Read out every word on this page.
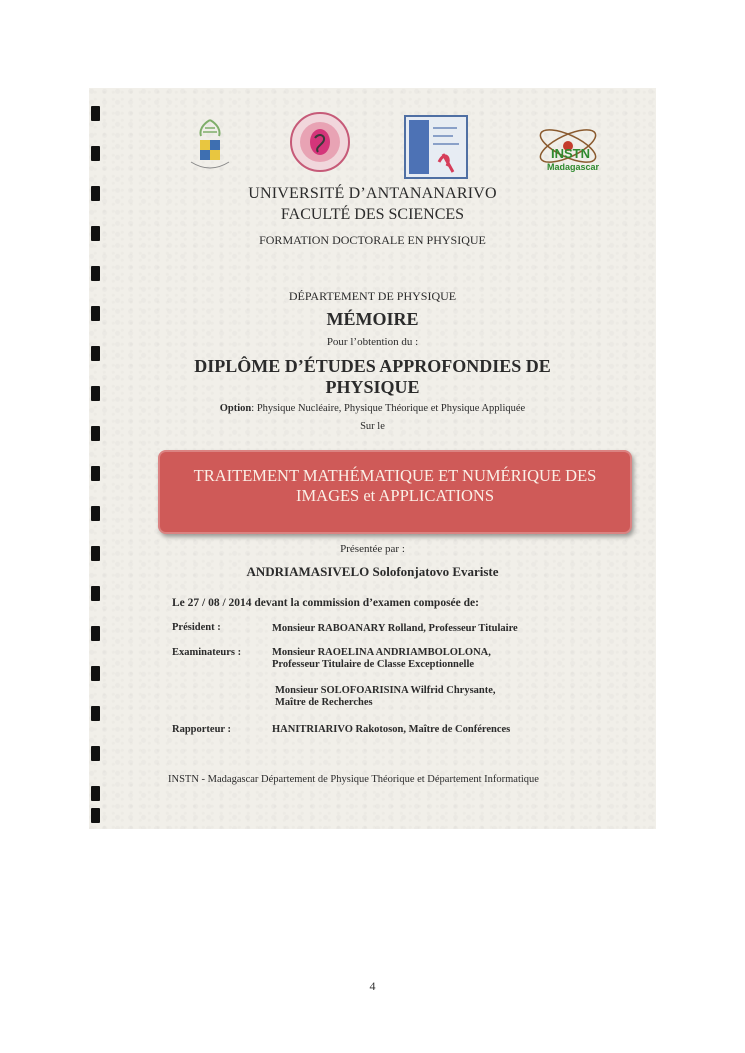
INSTN
Madagascar
UNIVERSITÉ D’ANTANANARIVO
FACULTÉ DES SCIENCES
FORMATION DOCTORALE EN PHYSIQUE
DÉPARTEMENT DE PHYSIQUE
MÉMOIRE
Pour l’obtention du :
DIPLÔME D’ÉTUDES APPROFONDIES DE
PHYSIQUE
Option: Physique Nucléaire, Physique Théorique et Physique Appliquée
Sur le
TRAITEMENT MATHÉMATIQUE ET NUMÉRIQUE DES
IMAGES et APPLICATIONS
Présentée par :
ANDRIAMASIVELO Solofonjatovo Evariste
Le 27 / 08 / 2014 devant la commission d’examen composée de:
Président :	Monsieur RABOANARY Rolland, Professeur Titulaire
Examinateurs :	Monsieur RAOELINA ANDRIAMBOLOLONA, Professeur Titulaire de Classe Exceptionnelle
Monsieur SOLOFOARISINA Wilfrid Chrysante, Maître de Recherches
Rapporteur :	HANITRIARIVO Rakotoson, Maître de Conférences
INSTN - Madagascar Département de Physique Théorique et Département Informatique
4
